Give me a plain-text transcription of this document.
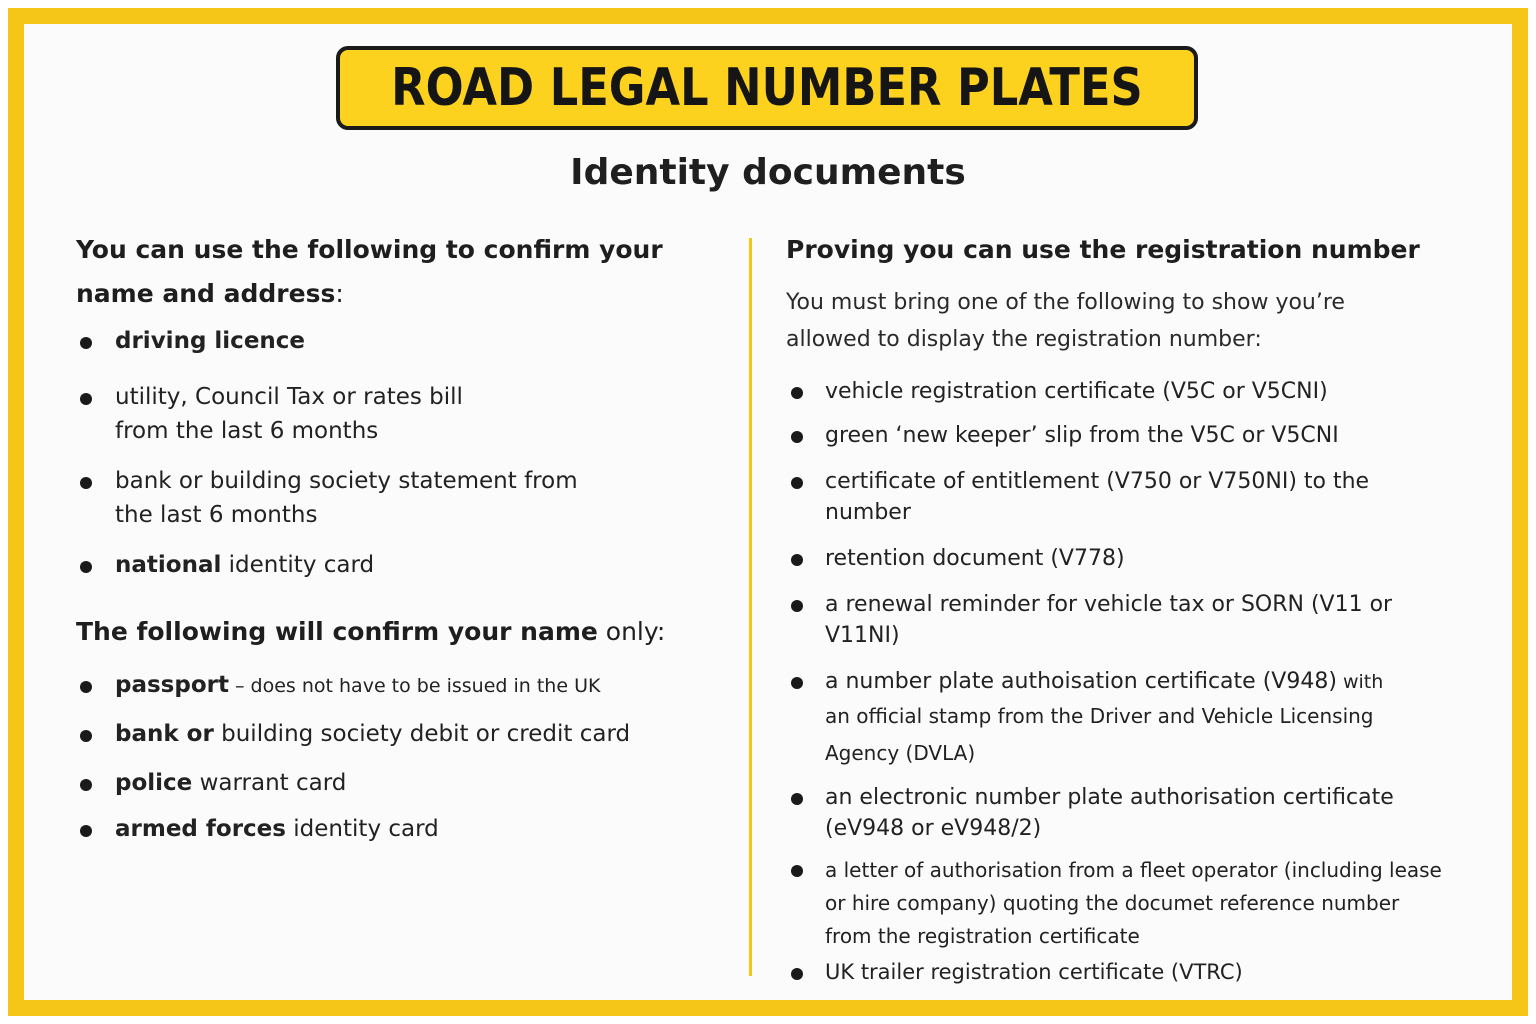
ROAD LEGAL NUMBER PLATES
Identity documents
You can use the following to confirm your name and address:
driving licence
utility, Council Tax or rates bill
from the last 6 months
bank or building society statement from
the last 6 months
national identity card
The following will confirm your name only:
passport – does not have to be issued in the UK
bank or building society debit or credit card
police warrant card
armed forces identity card
Proving you can use the registration number
You must bring one of the following to show you’re allowed to display the registration number:
vehicle registration certificate (V5C or V5CNI)
green ‘new keeper’ slip from the V5C or V5CNI
certificate of entitlement (V750 or V750NI) to the number
retention document (V778)
a renewal reminder for vehicle tax or SORN (V11 or V11NI)
a number plate authoisation certificate (V948) with
an official stamp from the Driver and Vehicle Licensing
Agency (DVLA)
an electronic number plate authorisation certificate (eV948 or eV948/2)
a letter of authorisation from a fleet operator (including lease or hire company) quoting the documet reference number from the registration certificate
UK trailer registration certificate (VTRC)
